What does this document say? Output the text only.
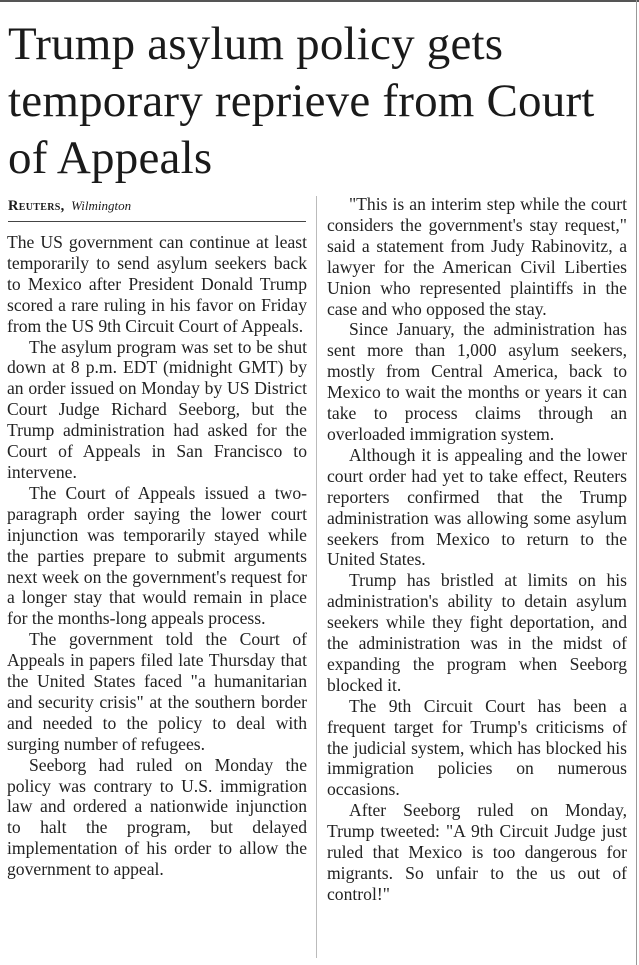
Trump asylum policy gets temporary reprieve from Court of Appeals
Reuters, Wilmington

The US government can continue at least temporarily to send asylum seekers back to Mexico after President Donald Trump scored a rare ruling in his favor on Friday from the US 9th Circuit Court of Appeals.

The asylum program was set to be shut down at 8 p.m. EDT (midnight GMT) by an order issued on Monday by US District Court Judge Richard Seeborg, but the Trump administration had asked for the Court of Appeals in San Francisco to intervene.

The Court of Appeals issued a two-paragraph order saying the lower court injunction was temporarily stayed while the parties prepare to submit arguments next week on the government's request for a longer stay that would remain in place for the months-long appeals process.

The government told the Court of Appeals in papers filed late Thursday that the United States faced "a humanitarian and security crisis" at the southern border and needed to the policy to deal with surging number of refugees.

Seeborg had ruled on Monday the policy was contrary to U.S. immigration law and ordered a nationwide injunction to halt the program, but delayed implementation of his order to allow the government to appeal.

"This is an interim step while the court considers the government's stay request," said a statement from Judy Rabinovitz, a lawyer for the American Civil Liberties Union who represented plaintiffs in the case and who opposed the stay.

Since January, the administration has sent more than 1,000 asylum seekers, mostly from Central America, back to Mexico to wait the months or years it can take to process claims through an overloaded immigration system.

Although it is appealing and the lower court order had yet to take effect, Reuters reporters confirmed that the Trump administration was allowing some asylum seekers from Mexico to return to the United States.

Trump has bristled at limits on his administration's ability to detain asylum seekers while they fight deportation, and the administration was in the midst of expanding the program when Seeborg blocked it.

The 9th Circuit Court has been a frequent target for Trump's criticisms of the judicial system, which has blocked his immigration policies on numerous occasions.

After Seeborg ruled on Monday, Trump tweeted: "A 9th Circuit Judge just ruled that Mexico is too dangerous for migrants. So unfair to the us out of control!"
